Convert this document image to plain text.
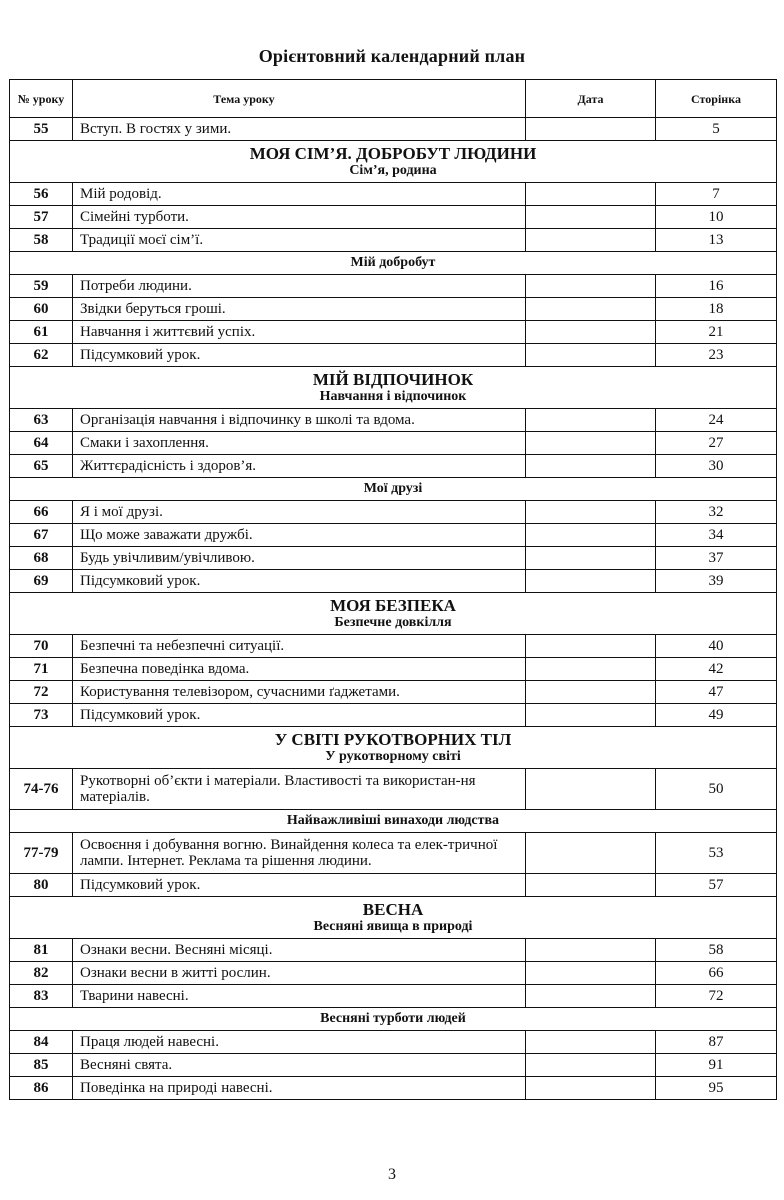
Орієнтовний календарний план
№ уроку	Тема уроку	Дата	Сторінка
55	Вступ. В гостях у зими.		5

МОЯ СІМ’Я. ДОБРОБУТ ЛЮДИНИ
Сім’я, родина			

56	Мій родовід.		7
57	Сімейні турботи.		10
58	Традиції моєї сім’ї.		13
Мій добробут			
59	Потреби людини.		16
60	Звідки беруться гроші.		18
61	Навчання і життєвий успіх.		21
62	Підсумковий урок.		23

МІЙ ВІДПОЧИНОК
Навчання і відпочинок			

63	Організація навчання і відпочинку в школі та вдома.		24
64	Смаки і захоплення.		27
65	Життєрадісність і здоров’я.		30
Мої друзі			
66	Я і мої друзі.		32
67	Що може заважати дружбі.		34
68	Будь увічливим/увічливою.		37
69	Підсумковий урок.		39

МОЯ БЕЗПЕКА
Безпечне довкілля			

70	Безпечні та небезпечні ситуації.		40
71	Безпечна поведінка вдома.		42
72	Користування телевізором, сучасними ґаджетами.		47
73	Підсумковий урок.		49

У СВІТІ РУКОТВОРНИХ ТІЛ
У рукотворному світі			

74-76	Рукотворні об’єкти і матеріали. Властивості та використан-ня матеріалів.		50
Найважливіші винаходи людства			
77-79	Освоєння і добування вогню. Винайдення колеса та елек-тричної лампи. Інтернет. Реклама та рішення людини.		53
80	Підсумковий урок.		57

ВЕСНА
Весняні явища в природі			

81	Ознаки весни. Весняні місяці.		58
82	Ознаки весни в житті рослин.		66
83	Тварини навесні.		72
Весняні турботи людей			
84	Праця людей навесні.		87
85	Весняні свята.		91
86	Поведінка на природі навесні.		95
3
